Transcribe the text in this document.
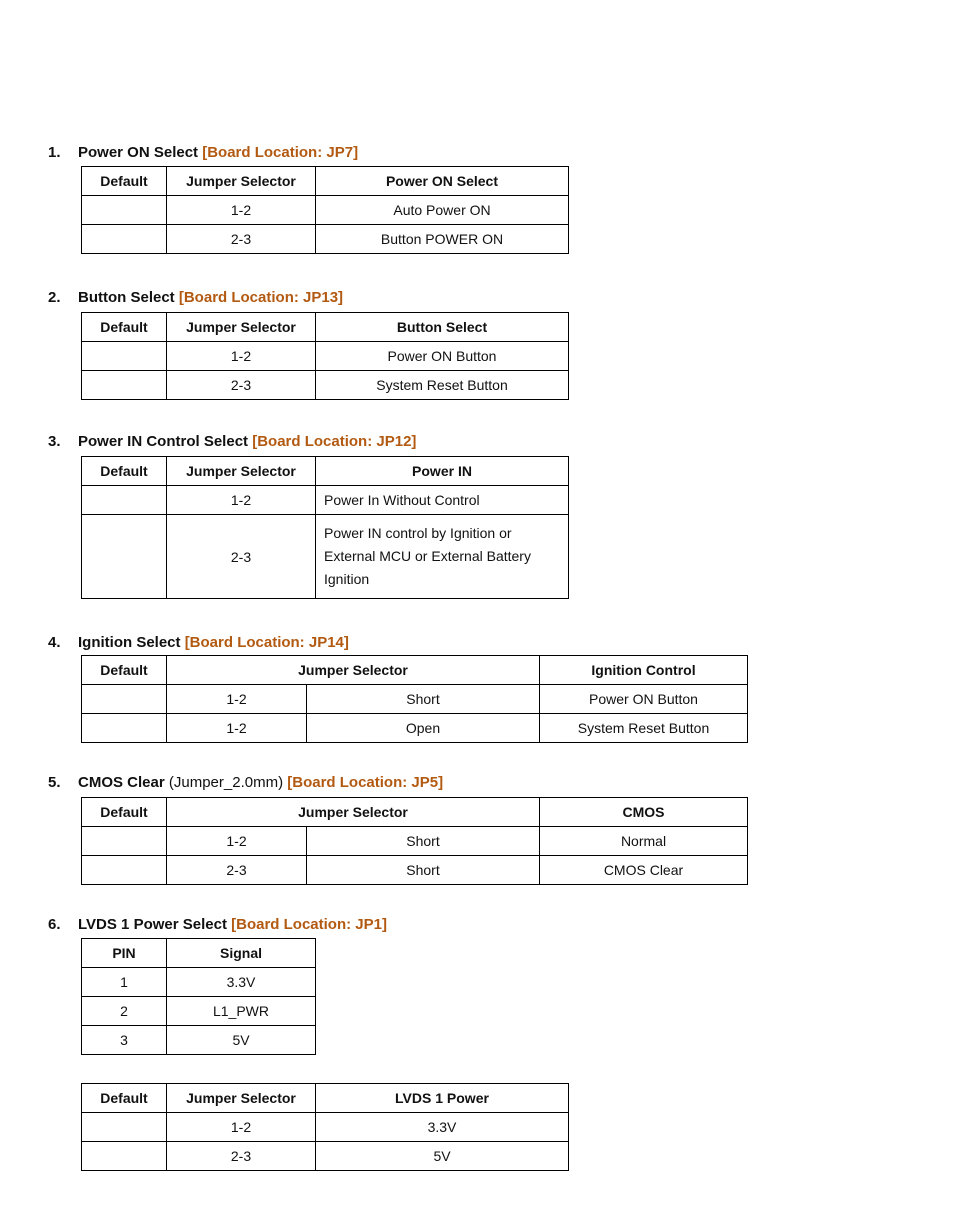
1. Power ON Select [Board Location: JP7]
Default	Jumper Selector	Power ON Select
	1-2	Auto Power ON
	2-3	Button POWER ON
2. Button Select [Board Location: JP13]
Default	Jumper Selector	Button Select
	1-2	Power ON Button
	2-3	System Reset Button
3. Power IN Control Select [Board Location: JP12]
Default	Jumper Selector	Power IN
	1-2	Power In Without Control
	2-3	Power IN control by Ignition or External MCU or External Battery Ignition
4. Ignition Select [Board Location: JP14]
Default	Jumper Selector		Ignition Control
	1-2	Short	Power ON Button
	1-2	Open	System Reset Button
5. CMOS Clear (Jumper_2.0mm) [Board Location: JP5]
Default	Jumper Selector		CMOS
	1-2	Short	Normal
	2-3	Short	CMOS Clear
6. LVDS 1 Power Select [Board Location: JP1]
PIN	Signal
1	3.3V
2	L1_PWR
3	5V
Default	Jumper Selector	LVDS 1 Power
	1-2	3.3V
	2-3	5V
